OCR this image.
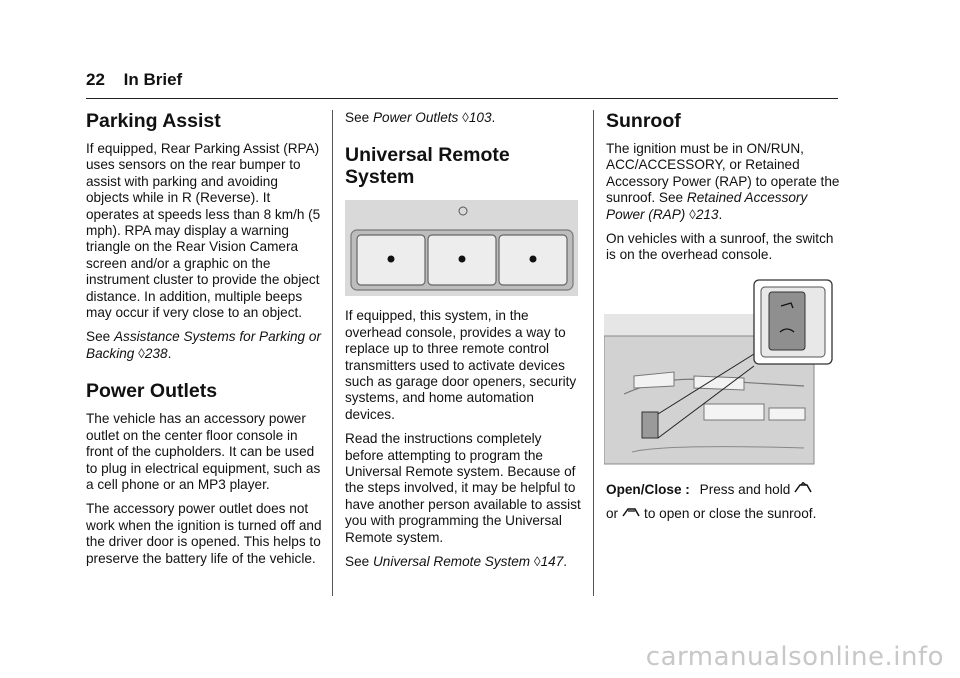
22 In Brief
Parking Assist

If equipped, Rear Parking Assist (RPA) uses sensors on the rear bumper to assist with parking and avoiding objects while in R (Reverse). It operates at speeds less than 8 km/h (5 mph). RPA may display a warning triangle on the Rear Vision Camera screen and/or a graphic on the instrument cluster to provide the object distance. In addition, multiple beeps may occur if very close to an object.

See Assistance Systems for Parking or Backing ◊238.

Power Outlets

The vehicle has an accessory power outlet on the center floor console in front of the cupholders. It can be used to plug in electrical equipment, such as a cell phone or an MP3 player.

The accessory power outlet does not work when the ignition is turned off and the driver door is opened. This helps to preserve the battery life of the vehicle.

See Power Outlets ◊103.

Universal Remote System

If equipped, this system, in the overhead console, provides a way to replace up to three remote control transmitters used to activate devices such as garage door openers, security systems, and home automation devices.

Read the instructions completely before attempting to program the Universal Remote system. Because of the steps involved, it may be helpful to have another person available to assist you with programming the Universal Remote system.

See Universal Remote System ◊147.

Sunroof

The ignition must be in ON/RUN, ACC/ACCESSORY, or Retained Accessory Power (RAP) to operate the sunroof. See Retained Accessory Power (RAP) ◊213.

On vehicles with a sunroof, the switch is on the overhead console.

Open/Close : Press and hold

or to open or close the sunroof.

carmanualsonline.info
